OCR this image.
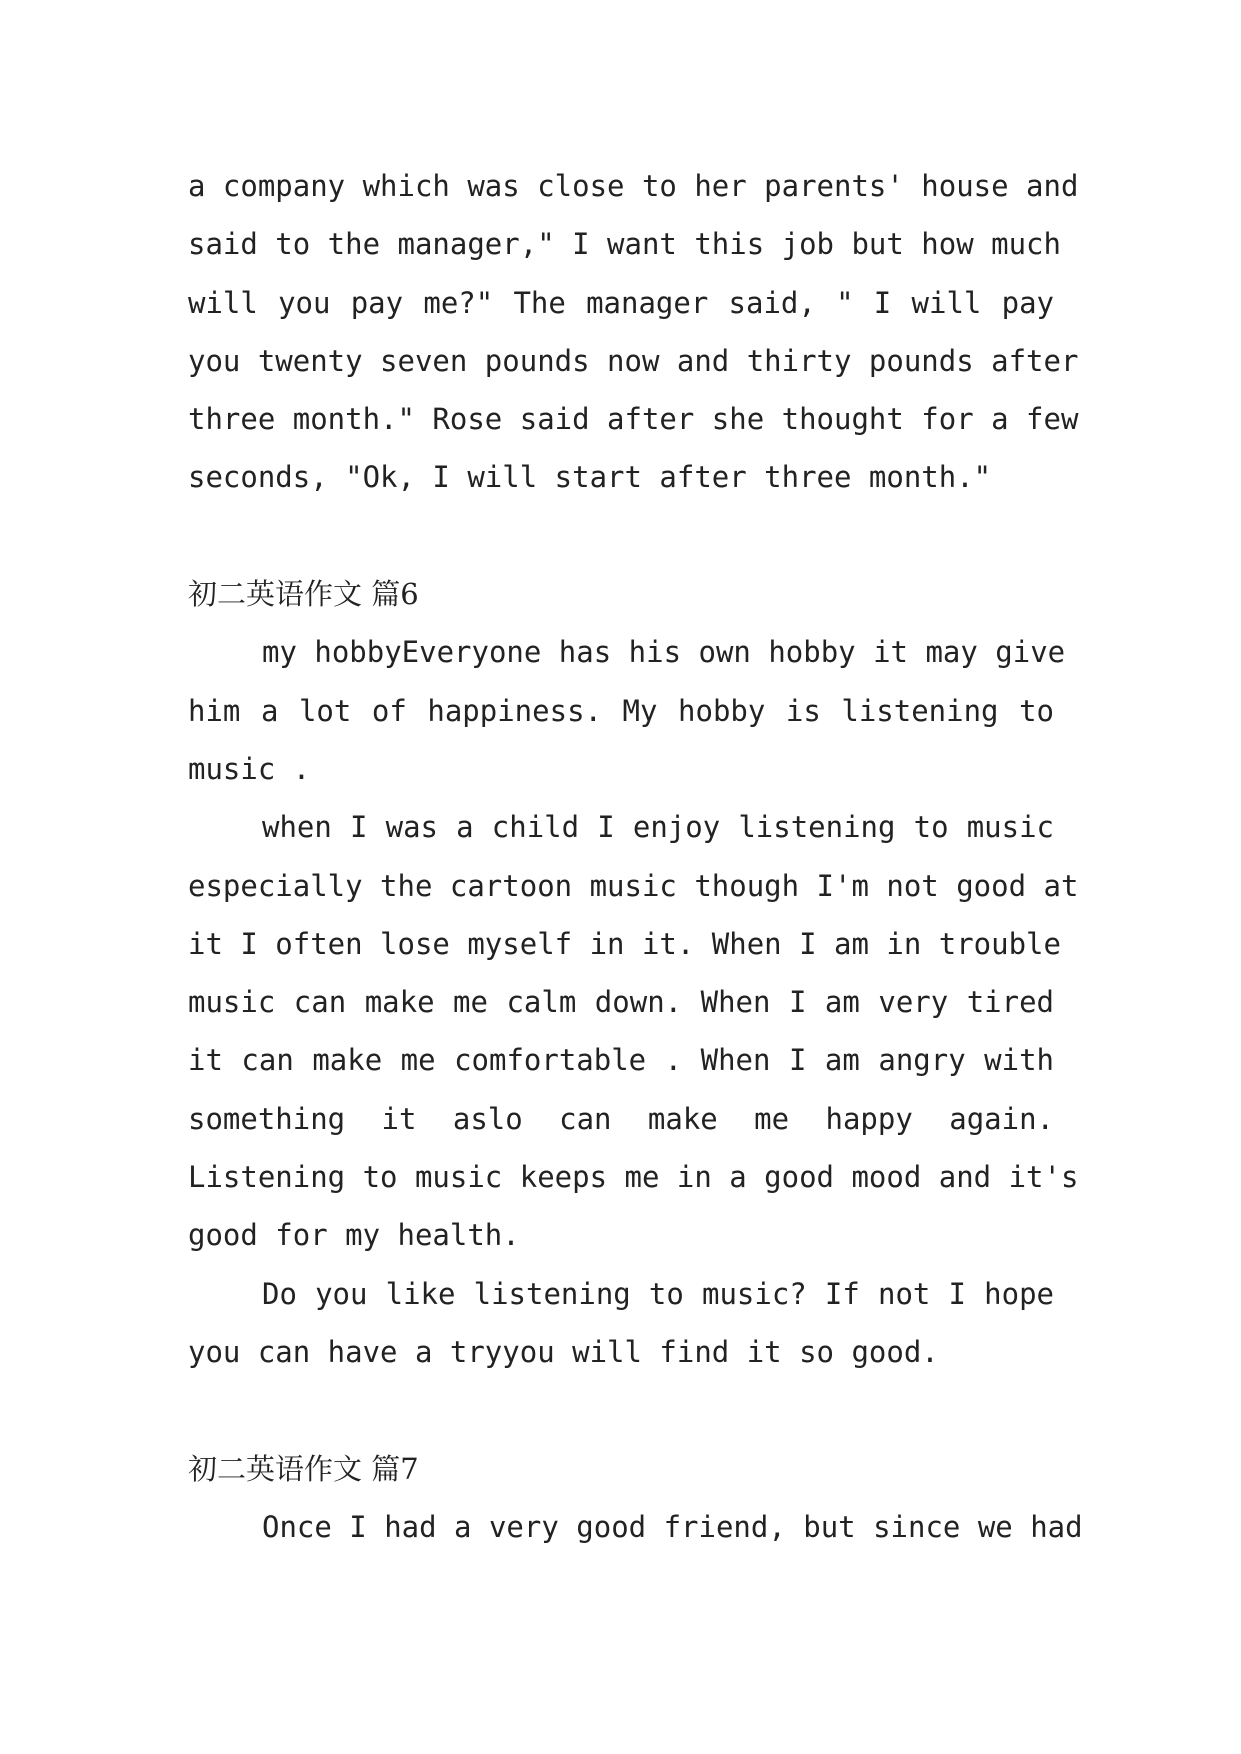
a company which was close to her parents' house and
said to the manager," I want this job but how much
will you pay me?" The manager said, " I will pay
you twenty seven pounds now and thirty pounds after
three month." Rose said after she thought for a few
seconds, "Ok, I will start after three month."
初二英语作文 篇6
my hobbyEveryone has his own hobby it may give
him a lot of happiness. My hobby is listening to
music .
when I was a child I enjoy listening to music
especially the cartoon music though I'm not good at
it I often lose myself in it. When I am in trouble
music can make me calm down. When I am very tired
it can make me comfortable . When I am angry with
something it aslo can make me happy again.
Listening to music keeps me in a good mood and it's
good for my health.
Do you like listening to music? If not I hope
you can have a tryyou will find it so good.
初二英语作文 篇7
Once I had a very good friend, but since we had
